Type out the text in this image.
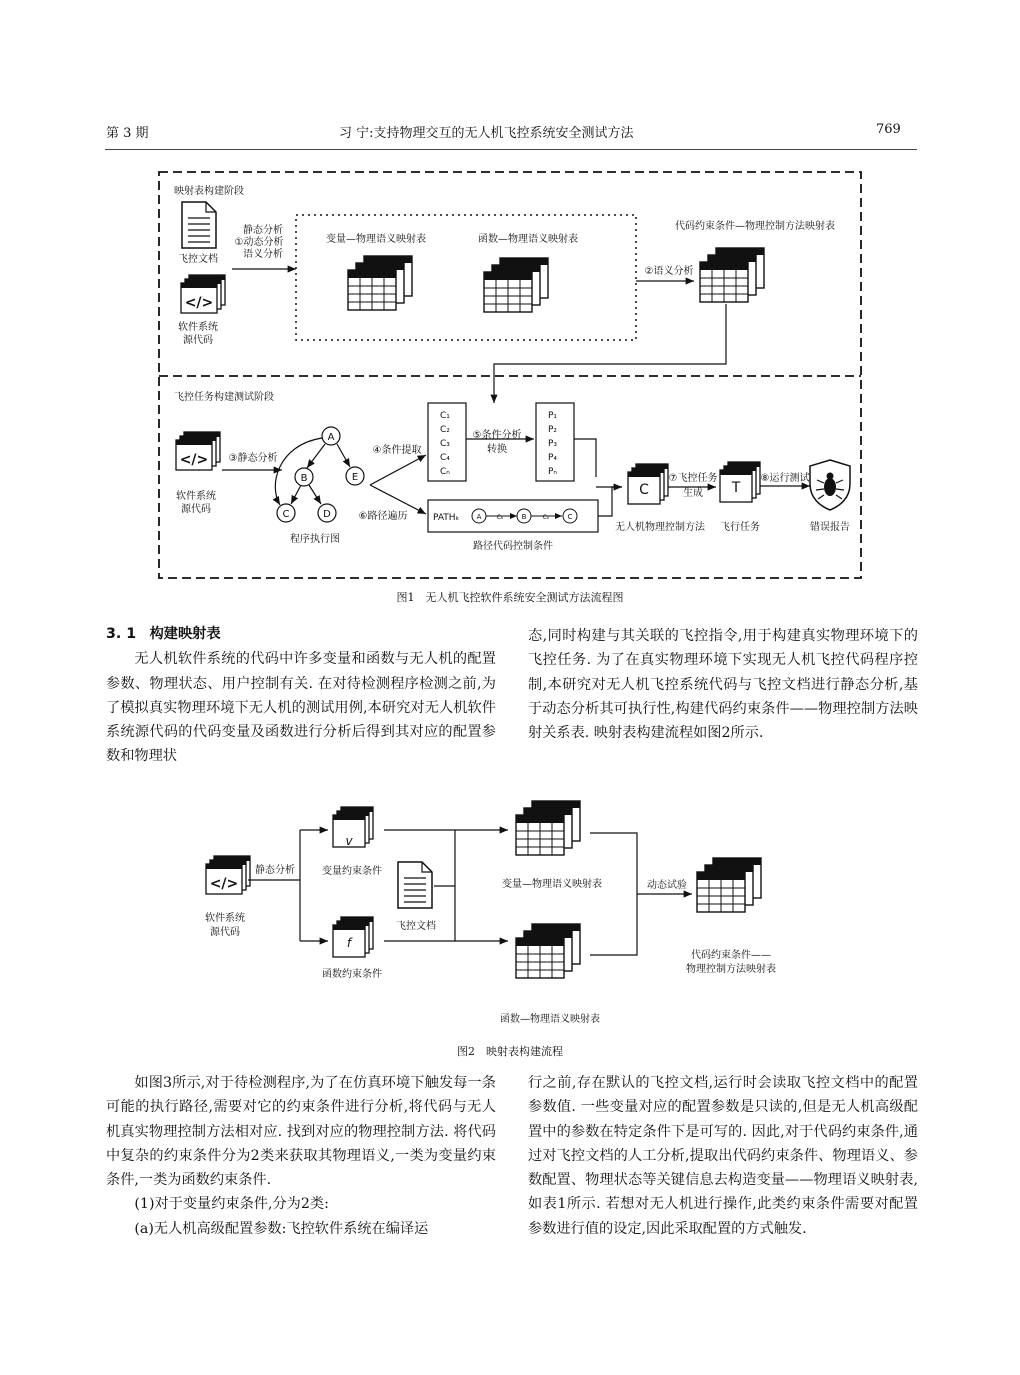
第 3 期	习 宁:支持物理交互的无人机飞控系统安全测试方法	769
</>
映射表构建阶段
飞控文档
软件系统
源代码
静态分析
①动态分析
语义分析
变量—物理语义映射表	函数—物理语义映射表
②语义分析
代码约束条件—物理控制方法映射表
飞控任务构建测试阶段
软件系统
源代码
③静态分析
A
B	E
C	D
程序执行图
④条件提取
⑥路径遍历
C₁
C₂
C₃
C₄
Cₙ
⑤条件分析
转换
P₁
P₂
P₃
P₄
Pₙ
PATHₖ A	Cₕ	B	Cₖ	C
路径代码控制条件
C
无人机物理控制方法
⑦飞控任务
生成 T
飞行任务
⑧运行测试
错误报告
软件系统
源代码
静态分析
v
变量约束条件
f
函数约束条件
飞控文档
变量—物理语义映射表
函数—物理语义映射表
动态试验
代码约束条件——
物理控制方法映射表
图1　无人机飞控软件系统安全测试方法流程图

3. 1 构建映射表

无人机软件系统的代码中许多变量和函数与无人机的配置参数、物理状态、用户控制有关. 在对待检测程序检测之前,为了模拟真实物理环境下无人机的测试用例,本研究对无人机软件系统源代码的代码变量及函数进行分析后得到其对应的配置参数和物理状

态,同时构建与其关联的飞控指令,用于构建真实物理环境下的飞控任务. 为了在真实物理环境下实现无人机飞控代码程序控制,本研究对无人机飞控系统代码与飞控文档进行静态分析,基于动态分析其可执行性,构建代码约束条件——物理控制方法映射关系表. 映射表构建流程如图2所示.

图2　映射表构建流程

如图3所示,对于待检测程序,为了在仿真环境下触发每一条可能的执行路径,需要对它的约束条件进行分析,将代码与无人机真实物理控制方法相对应. 找到对应的物理控制方法. 将代码中复杂的约束条件分为2类来获取其物理语义,一类为变量约束条件,一类为函数约束条件.

(1)对于变量约束条件,分为2类:

(a)无人机高级配置参数:飞控软件系统在编译运

行之前,存在默认的飞控文档,运行时会读取飞控文档中的配置参数值. 一些变量对应的配置参数是只读的,但是无人机高级配置中的参数在特定条件下是可写的. 因此,对于代码约束条件,通过对飞控文档的人工分析,提取出代码约束条件、物理语义、参数配置、物理状态等关键信息去构造变量——物理语义映射表,如表1所示. 若想对无人机进行操作,此类约束条件需要对配置参数进行值的设定,因此采取配置的方式触发.
